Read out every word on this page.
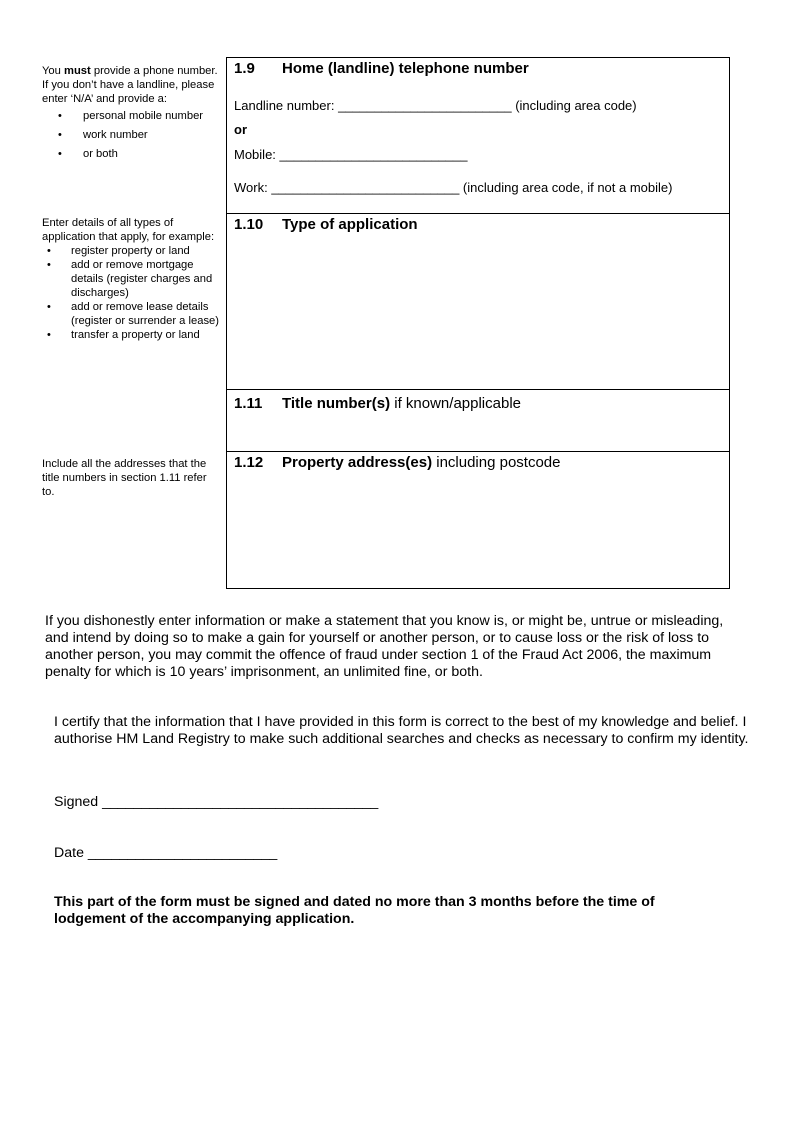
You must provide a phone number. If you don’t have a landline, please enter ‘N/A’ and provide a:
• personal mobile number
• work number
• or both
Enter details of all types of application that apply, for example:
• register property or land
• add or remove mortgage details (register charges and discharges)
• add or remove lease details (register or surrender a lease)
• transfer a property or land
Include all the addresses that the title numbers in section 1.11 refer to.
1.9 Home (landline) telephone number
Landline number: ________________________ (including area code)
or
Mobile: __________________________
Work: __________________________ (including area code, if not a mobile)
1.10 Type of application
1.11 Title number(s) if known/applicable
1.12 Property address(es) including postcode
If you dishonestly enter information or make a statement that you know is, or might be, untrue or misleading, and intend by doing so to make a gain for yourself or another person, or to cause loss or the risk of loss to another person, you may commit the offence of fraud under section 1 of the Fraud Act 2006, the maximum penalty for which is 10 years’ imprisonment, an unlimited fine, or both.
I certify that the information that I have provided in this form is correct to the best of my knowledge and belief. I authorise HM Land Registry to make such additional searches and checks as necessary to confirm my identity.
Signed ___________________________________
Date ________________________
This part of the form must be signed and dated no more than 3 months before the time of lodgement of the accompanying application.
